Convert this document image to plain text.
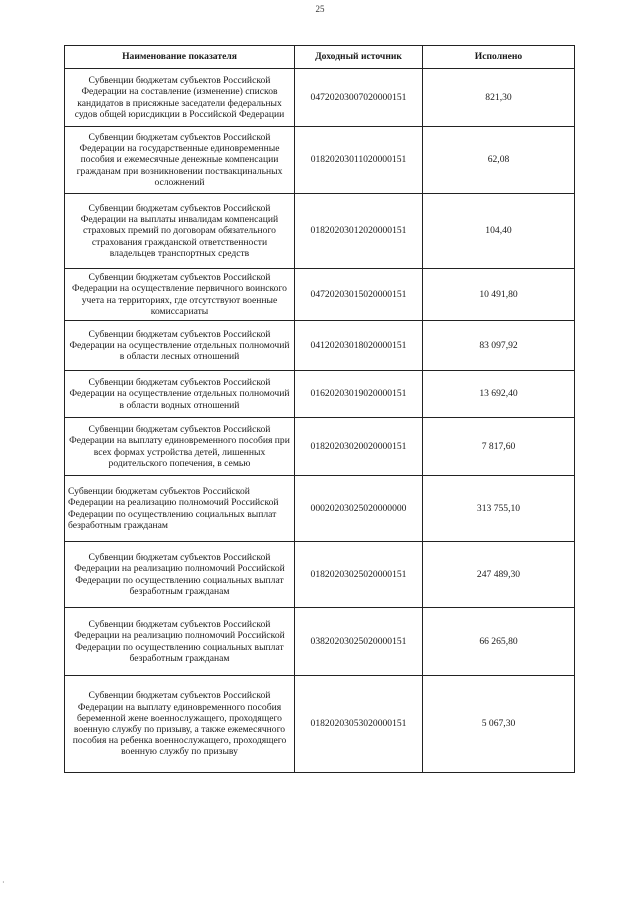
25
Наименование показателя	Доходный источник	Исполнено
Субвенции бюджетам субъектов Российской Федерации на составление (изменение) списков кандидатов в присяжные заседатели федеральных судов общей юрисдикции в Российской Федерации	04720203007020000151	821,30
Субвенции бюджетам субъектов Российской Федерации на государственные единовременные пособия и ежемесячные денежные компенсации гражданам при возникновении поствакцинальных осложнений	01820203011020000151	62,08
Субвенции бюджетам субъектов Российской Федерации на выплаты инвалидам компенсаций страховых премий по договорам обязательного страхования гражданской ответственности владельцев транспортных средств	01820203012020000151	104,40
Субвенции бюджетам субъектов Российской Федерации на осуществление первичного воинского учета на территориях, где отсутствуют военные комиссариаты	04720203015020000151	10 491,80
Субвенции бюджетам субъектов Российской Федерации на осуществление отдельных полномочий в области лесных отношений	04120203018020000151	83 097,92
Субвенции бюджетам субъектов Российской Федерации на осуществление отдельных полномочий в области водных отношений	01620203019020000151	13 692,40
Субвенции бюджетам субъектов Российской Федерации на выплату единовременного пособия при всех формах устройства детей, лишенных родительского попечения, в семью	01820203020020000151	7 817,60
Субвенции бюджетам субъектов Российской Федерации на реализацию полномочий Российской Федерации по осуществлению социальных выплат безработным гражданам	00020203025020000000	313 755,10
Субвенции бюджетам субъектов Российской Федерации на реализацию полномочий Российской Федерации по осуществлению социальных выплат безработным гражданам	01820203025020000151	247 489,30
Субвенции бюджетам субъектов Российской Федерации на реализацию полномочий Российской Федерации по осуществлению социальных выплат безработным гражданам	03820203025020000151	66 265,80
Субвенции бюджетам субъектов Российской Федерации на выплату единовременного пособия беременной жене военнослужащего, проходящего военную службу по призыву, а также ежемесячного пособия на ребенка военнослужащего, проходящего военную службу по призыву	01820203053020000151	5 067,30
·
